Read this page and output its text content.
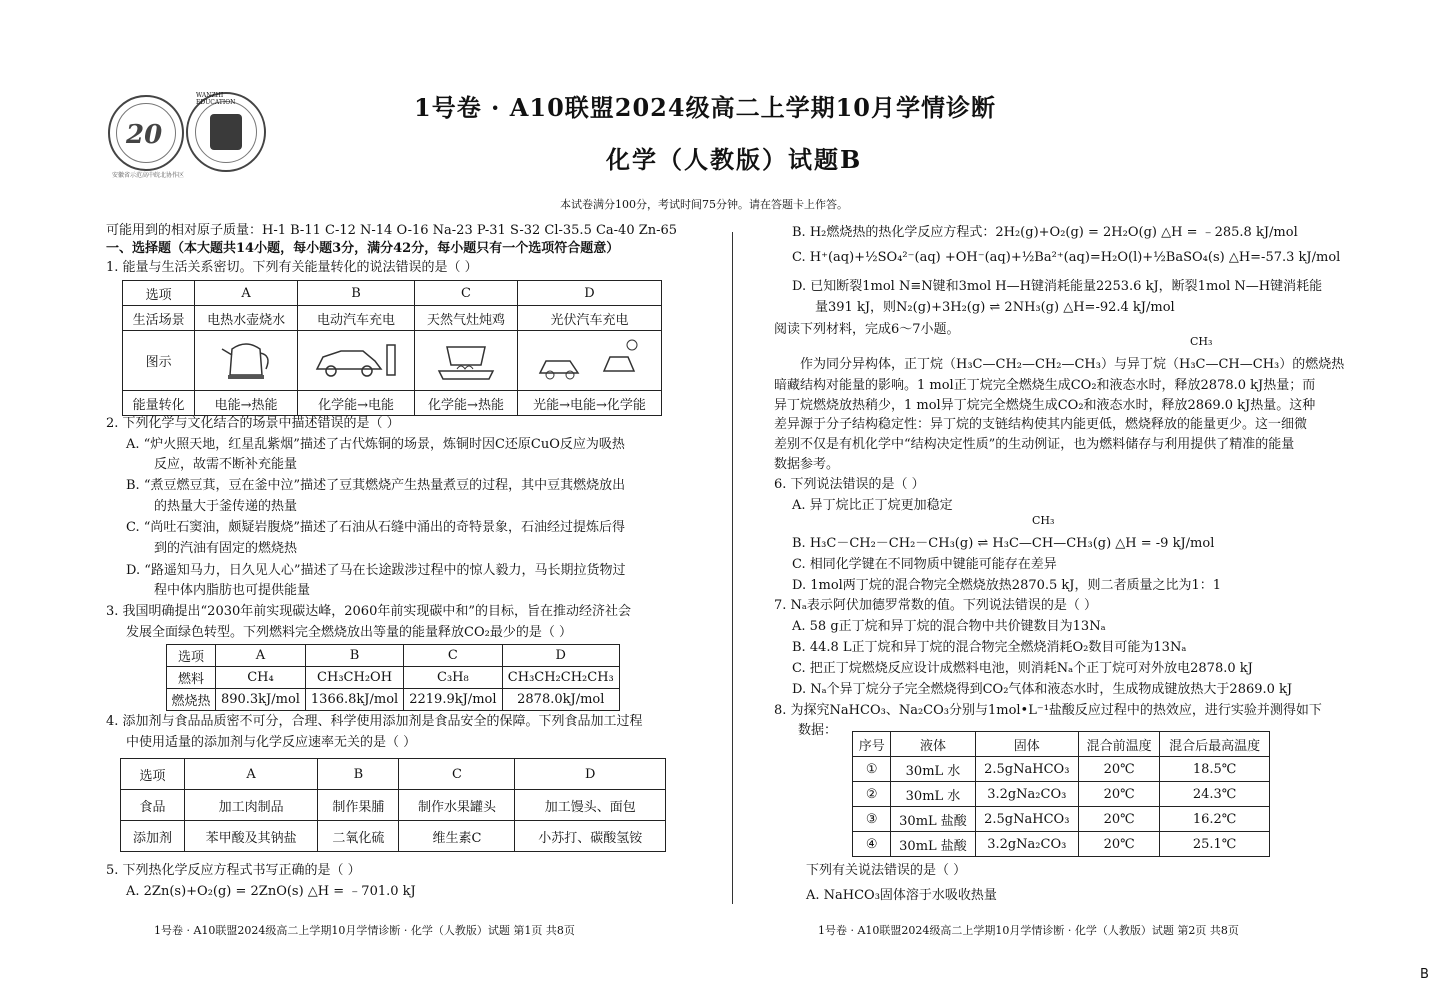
20
WANZHI EDUCATION
安徽省示范高中皖北协作区
1号卷 · A10联盟2024级高二上学期10月学情诊断
化学（人教版）试题B
本试卷满分100分，考试时间75分钟。请在答题卡上作答。
可能用到的相对原子质量：H-1 B-11 C-12 N-14 O-16 Na-23 P-31 S-32 Cl-35.5 Ca-40 Zn-65
一、选择题（本大题共14小题，每小题3分，满分42分，每小题只有一个选项符合题意）
1. 能量与生活关系密切。下列有关能量转化的说法错误的是（ ）
选项	A	B	C	D
生活场景	电热水壶烧水	电动汽车充电	天然气灶炖鸡	光伏汽车充电
图示				
能量转化	电能→热能	化学能→电能	化学能→热能	光能→电能→化学能
2. 下列化学与文化结合的场景中描述错误的是（ ）
A. “炉火照天地，红星乱紫烟”描述了古代炼铜的场景，炼铜时因C还原CuO反应为吸热
反应，故需不断补充能量
B. “煮豆燃豆萁，豆在釜中泣”描述了豆萁燃烧产生热量煮豆的过程，其中豆萁燃烧放出
的热量大于釜传递的热量
C. “尚吐石窦油，颇疑岩腹烧”描述了石油从石缝中涌出的奇特景象，石油经过提炼后得
到的汽油有固定的燃烧热
D. “路遥知马力，日久见人心”描述了马在长途跋涉过程中的惊人毅力，马长期拉货物过
程中体内脂肪也可提供能量
3. 我国明确提出“2030年前实现碳达峰，2060年前实现碳中和”的目标，旨在推动经济社会
发展全面绿色转型。下列燃料完全燃烧放出等量的能量释放CO₂最少的是（ ）
选项	A	B	C	D
燃料	CH₄	CH₃CH₂OH	C₃H₈	CH₃CH₂CH₂CH₃
燃烧热	890.3kJ/mol	1366.8kJ/mol	2219.9kJ/mol	2878.0kJ/mol
4. 添加剂与食品品质密不可分，合理、科学使用添加剂是食品安全的保障。下列食品加工过程
中使用适量的添加剂与化学反应速率无关的是（ ）
选项	A	B	C	D
食品	加工肉制品	制作果脯	制作水果罐头	加工馒头、面包
添加剂	苯甲酸及其钠盐	二氧化硫	维生素C	小苏打、碳酸氢铵
5. 下列热化学反应方程式书写正确的是（ ）
A. 2Zn(s)+O₂(g) = 2ZnO(s) △H = ﹣701.0 kJ
1号卷 · A10联盟2024级高二上学期10月学情诊断 · 化学（人教版）试题 第1页 共8页
B. H₂燃烧热的热化学反应方程式：2H₂(g)+O₂(g) = 2H₂O(g) △H = ﹣285.8 kJ/mol
C. H⁺(aq)+½SO₄²⁻(aq) +OH⁻(aq)+½Ba²⁺(aq)=H₂O(l)+½BaSO₄(s) △H=-57.3 kJ/mol
D. 已知断裂1mol N≡N键和3mol H—H键消耗能量2253.6 kJ，断裂1mol N—H键消耗能
量391 kJ，则N₂(g)+3H₂(g) ⇌ 2NH₃(g) △H=-92.4 kJ/mol
阅读下列材料，完成6～7小题。
CH₃
作为同分异构体，正丁烷（H₃C—CH₂—CH₂—CH₃）与异丁烷（H₃C—CH—CH₃）的燃烧热
暗藏结构对能量的影响。1 mol正丁烷完全燃烧生成CO₂和液态水时，释放2878.0 kJ热量；而
异丁烷燃烧放热稍少，1 mol异丁烷完全燃烧生成CO₂和液态水时，释放2869.0 kJ热量。这种
差异源于分子结构稳定性：异丁烷的支链结构使其内能更低，燃烧释放的能量更少。这一细微
差别不仅是有机化学中“结构决定性质”的生动例证，也为燃料储存与利用提供了精准的能量
数据参考。
6. 下列说法错误的是（ ）
A. 异丁烷比正丁烷更加稳定
CH₃
B. H₃C－CH₂－CH₂－CH₃(g) ⇌ H₃C—CH—CH₃(g) △H = -9 kJ/mol
C. 相同化学键在不同物质中键能可能存在差异
D. 1mol两丁烷的混合物完全燃烧放热2870.5 kJ，则二者质量之比为1：1
7. Nₐ表示阿伏加德罗常数的值。下列说法错误的是（ ）
A. 58 g正丁烷和异丁烷的混合物中共价键数目为13Nₐ
B. 44.8 L正丁烷和异丁烷的混合物完全燃烧消耗O₂数目可能为13Nₐ
C. 把正丁烷燃烧反应设计成燃料电池，则消耗Nₐ个正丁烷可对外放电2878.0 kJ
D. Nₐ个异丁烷分子完全燃烧得到CO₂气体和液态水时，生成物成键放热大于2869.0 kJ
8. 为探究NaHCO₃、Na₂CO₃分别与1mol•L⁻¹盐酸反应过程中的热效应，进行实验并测得如下
数据：
序号	液体	固体	混合前温度	混合后最高温度
①	30mL 水	2.5gNaHCO₃	20℃	18.5℃
②	30mL 水	3.2gNa₂CO₃	20℃	24.3℃
③	30mL 盐酸	2.5gNaHCO₃	20℃	16.2℃
④	30mL 盐酸	3.2gNa₂CO₃	20℃	25.1℃
下列有关说法错误的是（ ）
A. NaHCO₃固体溶于水吸收热量
1号卷 · A10联盟2024级高二上学期10月学情诊断 · 化学（人教版）试题 第2页 共8页
B
